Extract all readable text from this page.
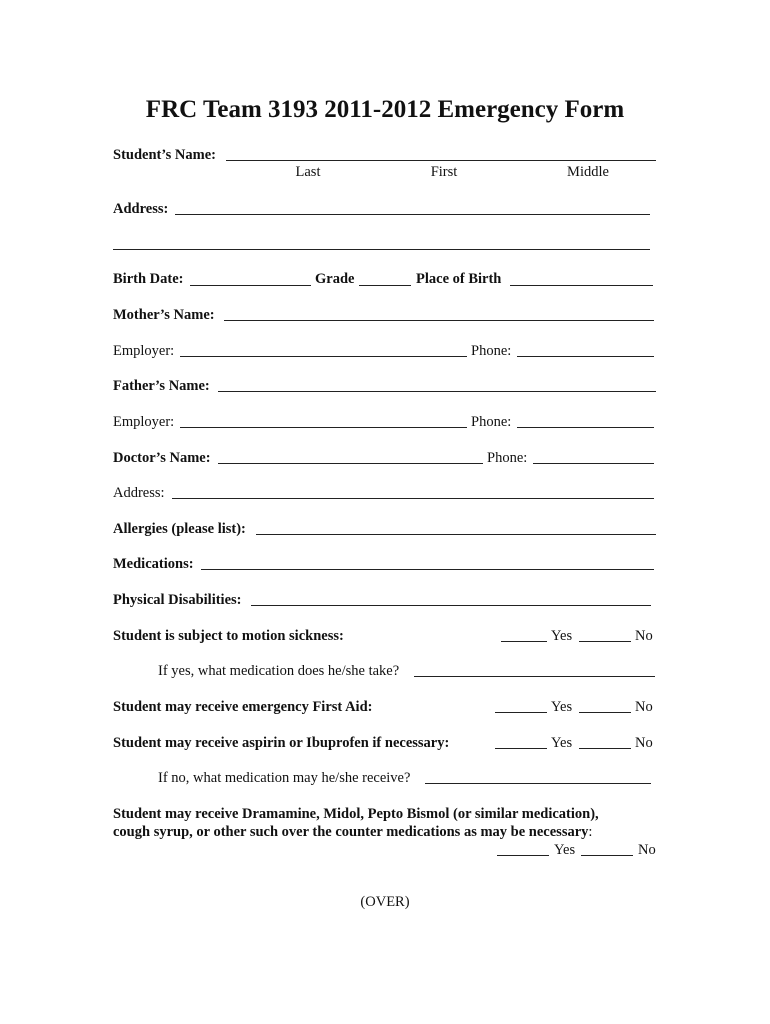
FRC Team 3193 2011-2012 Emergency Form
Student’s Name:
Last	First	Middle
Address:
Birth Date:	Grade	Place of Birth
Mother’s Name:
Employer:	Phone:
Father’s Name:
Employer:	Phone:
Doctor’s Name:	Phone:
Address:
Allergies (please list):
Medications:
Physical Disabilities:
Student is subject to motion sickness:	Yes	No
If yes, what medication does he/she take?
Student may receive emergency First Aid:	Yes	No
Student may receive aspirin or Ibuprofen if necessary:	Yes	No
If no, what medication may he/she receive?
Student may receive Dramamine, Midol, Pepto Bismol (or similar medication),
cough syrup, or other such over the counter medications as may be necessary:
Yes	No
(OVER)
